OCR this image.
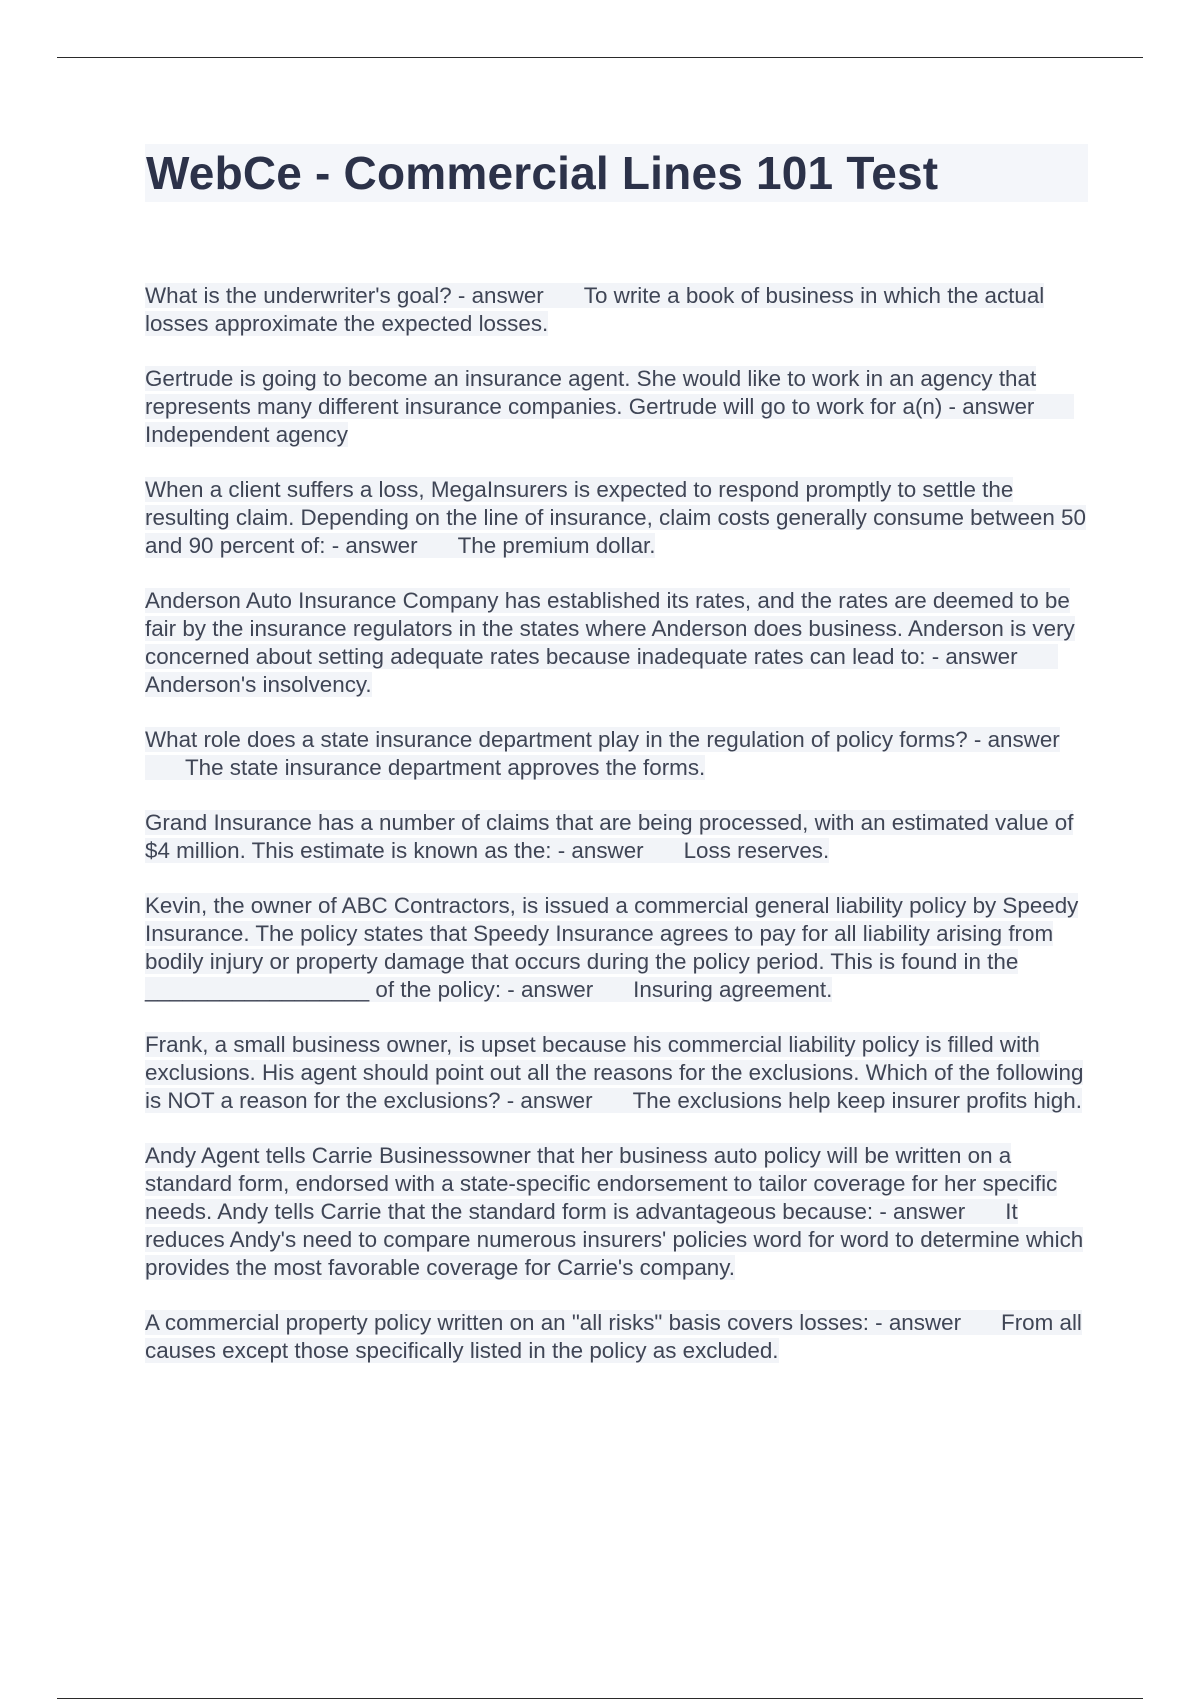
WebCe - Commercial Lines 101 Test

What is the underwriter's goal? - answer To write a book of business in which the actual losses approximate the expected losses.

Gertrude is going to become an insurance agent. She would like to work in an agency that represents many different insurance companies. Gertrude will go to work for a(n) - answerIndependent agency

When a client suffers a loss, MegaInsurers is expected to respond promptly to settle the resulting claim. Depending on the line of insurance, claim costs generally consume between 50 and 90 percent of: - answer The premium dollar.

Anderson Auto Insurance Company has established its rates, and the rates are deemed to be fair by the insurance regulators in the states where Anderson does business. Anderson is very concerned about setting adequate rates because inadequate rates can lead to: - answerAnderson's insolvency.

What role does a state insurance department play in the regulation of policy forms? - answerThe state insurance department approves the forms.

Grand Insurance has a number of claims that are being processed, with an estimated value of $4 million. This estimate is known as the: - answer Loss reserves.

Kevin, the owner of ABC Contractors, is issued a commercial general liability policy by Speedy Insurance. The policy states that Speedy Insurance agrees to pay for all liability arising from bodily injury or property damage that occurs during the policy period. This is found in the __________________ of the policy: - answer Insuring agreement.

Frank, a small business owner, is upset because his commercial liability policy is filled with exclusions. His agent should point out all the reasons for the exclusions. Which of the following is NOT a reason for the exclusions? - answer The exclusions help keep insurer profits high.

Andy Agent tells Carrie Businessowner that her business auto policy will be written on a standard form, endorsed with a state-specific endorsement to tailor coverage for her specific needs. Andy tells Carrie that the standard form is advantageous because: - answer It reduces Andy's need to compare numerous insurers' policies word for word to determine which provides the most favorable coverage for Carrie's company.

A commercial property policy written on an "all risks" basis covers losses: - answer From all causes except those specifically listed in the policy as excluded.
